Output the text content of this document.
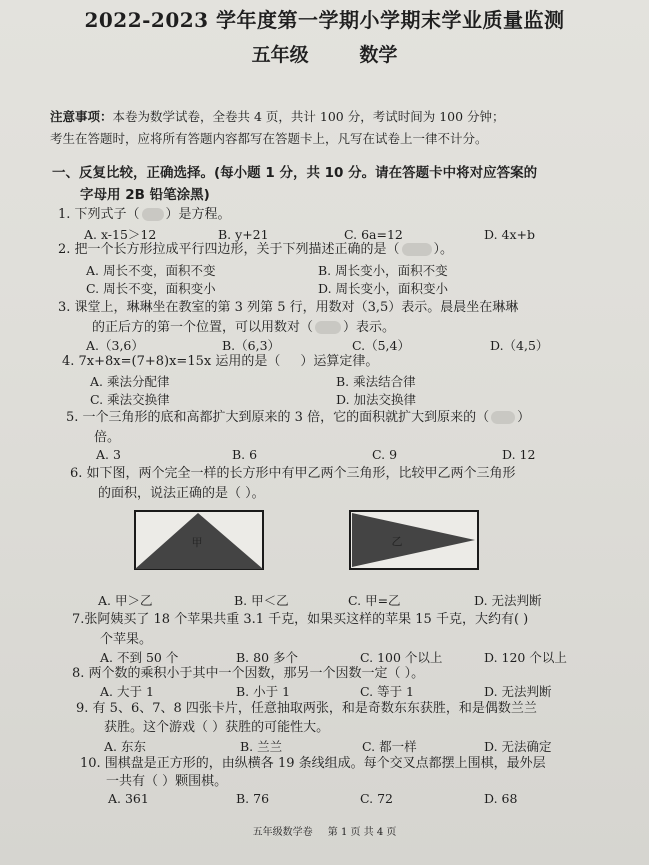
2022-2023 学年度第一学期小学期末学业质量监测
五年级	数学
注意事项：本卷为数学试卷，全卷共 4 页，共计 100 分，考试时间为 100 分钟；
考生在答题时，应将所有答题内容都写在答题卡上，凡写在试卷上一律不计分。
一、反复比较，正确选择。(每小题 1 分，共 10 分。请在答题卡中将对应答案的
字母用 2B 铅笔涂黑)
1. 下列式子（ ）是方程。
A. x-15＞12	B. y+21	C. 6a=12	D. 4x+b
2. 把一个长方形拉成平行四边形，关于下列描述正确的是（	）。
A. 周长不变，面积不变	B. 周长变小，面积不变
C. 周长不变，面积变小	D. 周长变小，面积变小
3. 课堂上，琳琳坐在教室的第 3 列第 5 行，用数对（3,5）表示。晨晨坐在琳琳
的正后方的第一个位置，可以用数对（ ）表示。
A.（3,6）	B.（6,3）	C.（5,4）	D.（4,5）
4. 7x+8x=(7+8)x=15x 运用的是（ ）运算定律。
A. 乘法分配律	B. 乘法结合律
C. 乘法交换律	D. 加法交换律
5. 一个三角形的底和高都扩大到原来的 3 倍，它的面积就扩大到原来的（ ）
倍。
A. 3	B. 6	C. 9	D. 12
6. 如下图，两个完全一样的长方形中有甲乙两个三角形，比较甲乙两个三角形
的面积，说法正确的是（ ）。
甲	乙
A. 甲＞乙	B. 甲＜乙	C. 甲=乙	D. 无法判断
7.张阿姨买了 18 个苹果共重 3.1 千克，如果买这样的苹果 15 千克，大约有( )
个苹果。
A. 不到 50 个	B. 80 多个	C. 100 个以上	D. 120 个以上
8. 两个数的乘积小于其中一个因数，那另一个因数一定（ ）。
A. 大于 1	B. 小于 1	C. 等于 1	D. 无法判断
9. 有 5、6、7、8 四张卡片，任意抽取两张，和是奇数东东获胜，和是偶数兰兰
获胜。这个游戏（ ）获胜的可能性大。
A. 东东	B. 兰兰	C. 都一样	D. 无法确定
10. 围棋盘是正方形的，由纵横各 19 条线组成。每个交叉点都摆上围棋，最外层
一共有（ ）颗围棋。
A. 361	B. 76	C. 72	D. 68
五年级数学卷 第 1 页 共 4 页
